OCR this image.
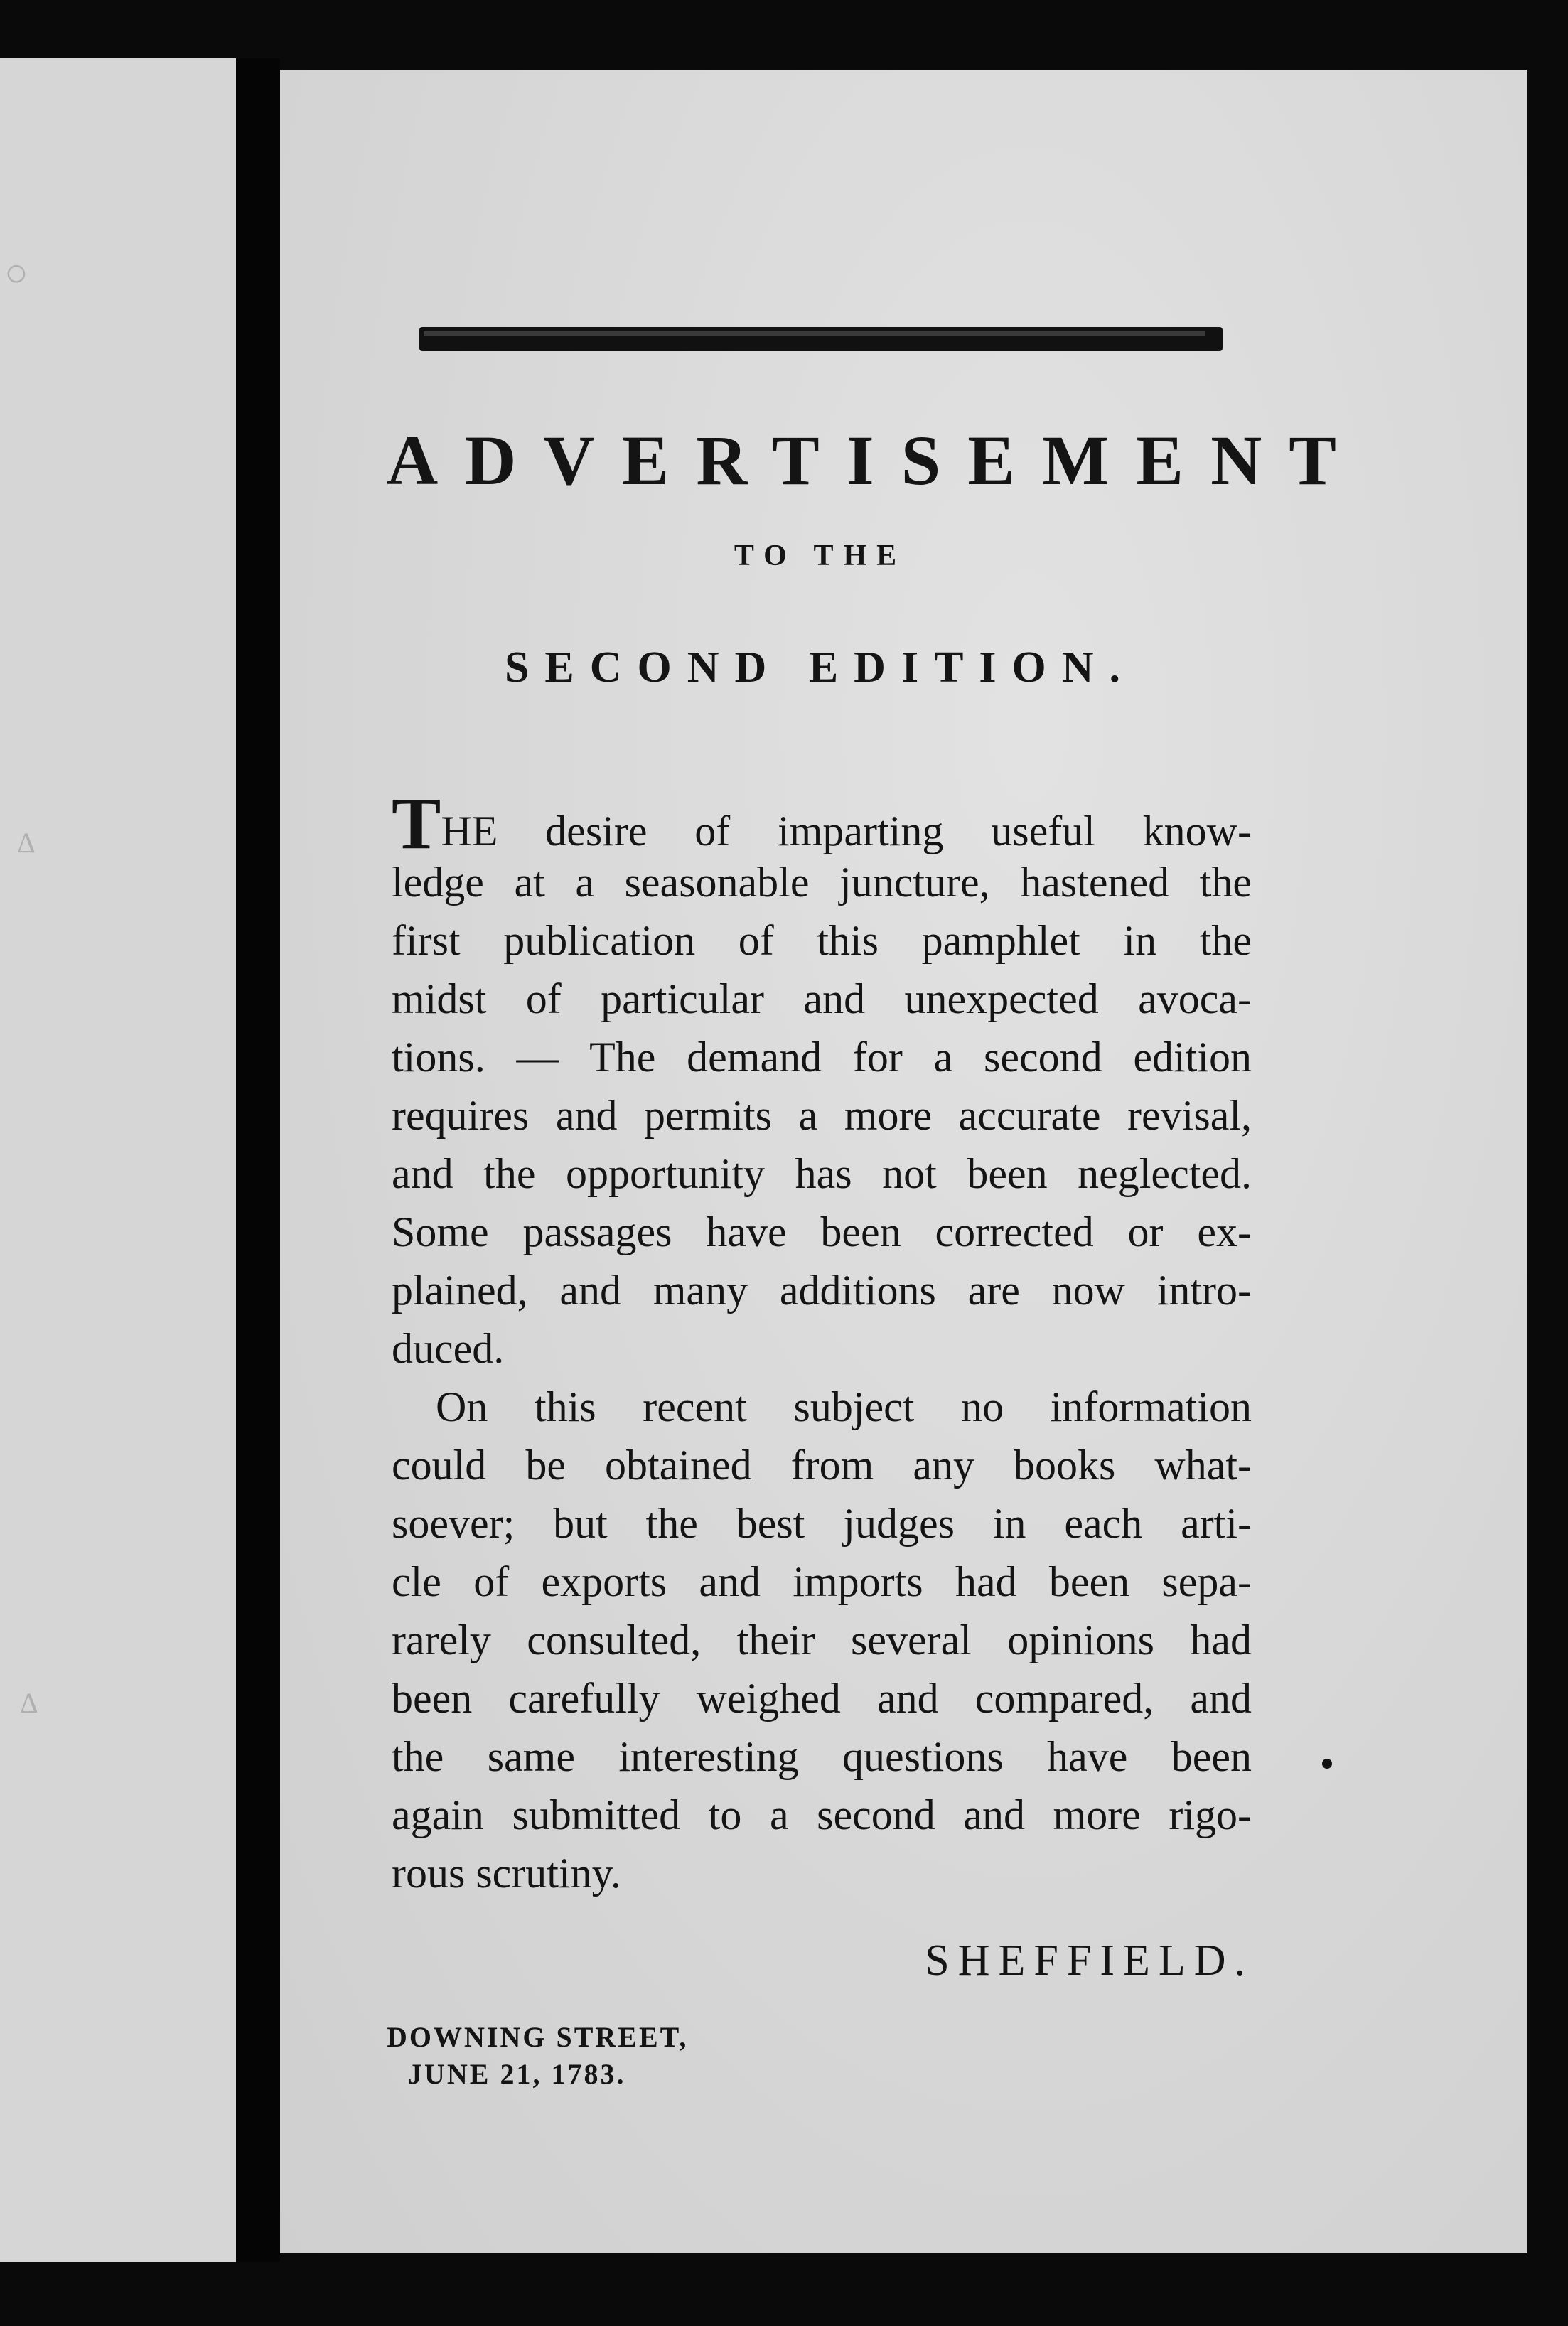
○
Δ
Δ
ADVERTISEMENT
TO THE
SECOND EDITION.
THE desire of imparting useful know-
ledge at a seasonable juncture, hastened the
first publication of this pamphlet in the
midst of particular and unexpected avoca-
tions. — The demand for a second edition
requires and permits a more accurate revisal,
and the opportunity has not been neglected.
Some passages have been corrected or ex-
plained, and many additions are now intro-
duced.
On this recent subject no information
could be obtained from any books what-
soever; but the best judges in each arti-
cle of exports and imports had been sepa-
rarely consulted, their several opinions had
been carefully weighed and compared, and
the same interesting questions have been
again submitted to a second and more rigo-
rous scrutiny.
SHEFFIELD.
DOWNING STREET,
JUNE 21, 1783.
